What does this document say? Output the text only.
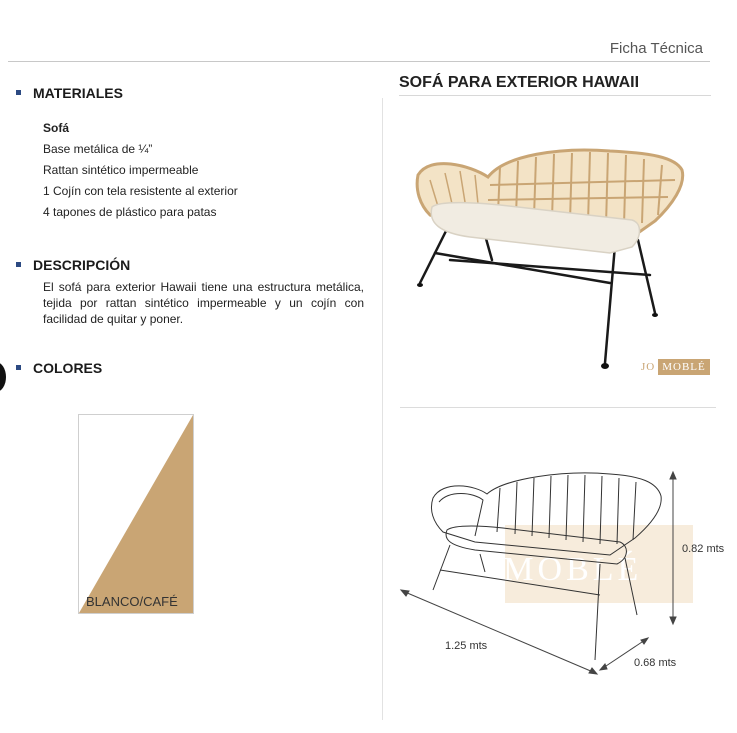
Ficha Técnica
MATERIALES
Sofá
Base metálica de ¼”
Rattan sintético impermeable
1 Cojín con tela resistente al exterior
4 tapones de plástico para patas
DESCRIPCIÓN
El sofá para exterior Hawaii tiene una estructura metálica, tejida por rattan sintético impermeable y un cojín con facilidad de quitar y poner.
COLORES
BLANCO/CAFÉ
SOFÁ PARA EXTERIOR HAWAII
JO MOBLÉ
JO MOBLÉ
0.82 mts
1.25 mts
0.68 mts
